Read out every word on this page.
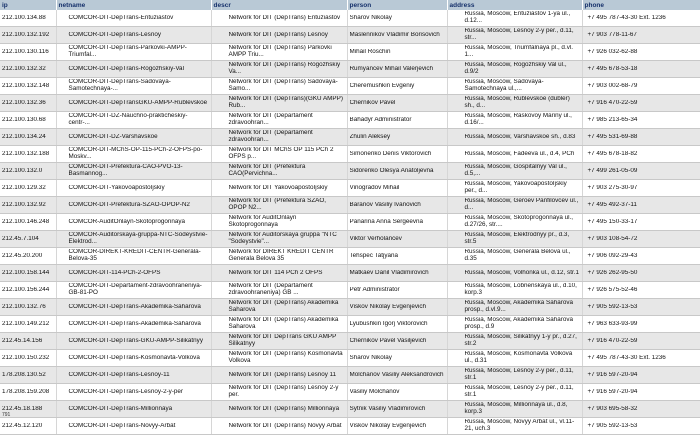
ip	netname	descr	person	address	phone

212.100.134.88	COMCOR-DIT-DepTrans-Entuziastov	Network for DIT (DepTrans) Entuziastov	Sharov Nikolay	Russia, Moscow, Entuziastov 1-ya ul., d.12...	+7 495 787-43-30 Ext. 1236

212.100.132.192	COMCOR-DIT-DepTrans-Lesnoy	Network for DIT (DepTrans) Lesnoy	Maslennikov Vladimir Borisovich	Russia, Moscow, Lesnoy 2-y per., d.11, str...	+7 903 778-11-67

212.100.130.116	COMCOR-DIT-DepTrans-Parkovki-AMPP-Triumfal...	Network for DIT (DepTrans) Parkovki AMPP Triu...	Mihail Roschin	Russia, Moscow, Triumfalnaya pl., d.vl. 1...	+7 926 032-62-88

212.100.132.32	COMCOR-DIT-DepTrans-Rogozhskiy-Val	Network for DIT (DepTrans) Rogozhskiy Va...	Rumyancev Mihail Valerjevich	Russia, Moscow, Rogozhskiy Val ul., d.9/2	+7 495 678-53-18

212.100.132.148	COMCOR-DIT-DepTrans-Sadovaya-Samotechnaya-...	Network for DIT (DepTrans) Sadovaya-Samo...	Cheremushkin Evgeniy	Russia, Moscow, Sadovaya-Samotechnaya ul.,...	+7 903 002-68-79

212.100.132.36	COMCOR-DIT-DepTransGKU-AMPP-Rublevskoe	Network for DIT (DepTrans)(GKU AMPP) Rub...	Chernikov Pavel	Russia, Moscow, Rublevskoe (dubler) sh., d...	+7 916 470-22-59

212.100.130.68	COMCOR-DIT-DZ-Nauchno-prakticheskiy-centr-...	Network for DIT (Departament zdravoohran...	Bahadyr Administrator	Russia, Moscow, Raskovoy Mariny ul., d.16/...	+7 985 213-65-34

212.100.134.24	COMCOR-DIT-DZ-Varshavskoe	Network for DIT (Departament zdravoohran...	Zhulin Aleksey	Russia, Moscow, Varshavskoe sh., d.83	+7 495 531-69-88

212.100.132.188	COMCOR-DIT-MChS-OP-115-PCh-2-OFPS-po-Moskv...	Network for DIT MChS OP 115 PCh 2 OFPS p...	Simonenko Denis Viktorovich	Russia, Moscow, Fadeeva ul., d.4, PCh	+7 495 678-18-82

212.100.132.0	COMCOR-DIT-Prefektura-CAO-PVO-13-Basmannog...	Network for DIT (Prefektura CAO(Pervichna...	Sidorenko Olesya Anatoljevna	Russia, Moscow, Gospitalnyy Val ul., d.5,...	+7 499 261-05-09

212.100.129.32	COMCOR-DIT-YakovoapostoIjskiy	Network for DIT YakovoapostoIjskiy	Vinogradov Mihail	Russia, Moscow, YakovoapostoIjskiy per., d...	+7 903 275-30-97

212.100.132.92	COMCOR-DIT-Prefektura-SZAO-OPOP-N2	Network for DIT (Prefektura SZAO, OPOP N2...	Baranov Vasiliy Ivanovich	Russia, Moscow, Geroev Panfilovcev ul., d...	+7 495 492-37-11

212.100.146.248	COMCOR-AuditOnlayn-Skotoprogonnaya	Network for AuditOnlayn Skotoprogonnaya	Panarina Anna Sergeevna	Russia, Moscow, Skotoprogonnaya ul., d.27/26, str....	+7 495 150-33-17

212.45.7.104	COMCOR-Auditorskaya-gruppa-NTC-Sodeystvie-Elektrod...	Network for Auditorskaya gruppa "NTC "Sodeystvie"...	Viktor Verholancev	Russia, Moscow, Elektrodnyy pr., d.3, str.5	+7 903 108-54-72

212.45.20.200	COMCOR-DIREKT-KREDIT-CENTR-Generala-Belova-35	Network for DIREKT KREDIT CENTR Generala Belova 35	Tehspec Tatjyana	Russia, Moscow, Generala Belova ul., d.35	+7 906 092-29-43

212.100.158.144	COMCOR-DIT-114-PCh-2-OFPS	Network for DIT 114 PCh 2 OFPS	Matkaev Danil Vladimirovich	Russia, Moscow, Volhonka ul., d.12, str.1	+7 926 262-95-50

212.100.156.244	COMCOR-DIT-Departament-zdravoohraneniya-GB-81-PO	Network for DIT (Departament zdravoohraneniya) GB ...	Petr Administrator	Russia, Moscow, Lobnenskaya ul., d.10, korp.3	+7 926 575-52-46

212.100.132.76	COMCOR-DIT-DepTrans-Akademika-Saharova	Network for DIT (DepTrans) Akademika Saharova	Viskov Nikolay Evgenjevich	Russia, Moscow, Akademika Saharova prosp., d.vl.9...	+7 905 592-13-53

212.100.149.212	COMCOR-DIT-DepTrans-Akademika-Saharova	Network for DIT (DepTrans) Akademika Saharova	Lyubushkin Igorj Viktorovich	Russia, Moscow, Akademika Saharova prosp., d.9	+7 963 633-93-99

212.45.14.156	COMCOR-DIT-DepTrans-GKU-AMPP-Silikatnyy	Network for DIT DepTrans GKU AMPP Silikatnyy	Chernikov Pavel Vasiljevich	Russia, Moscow, Silikatnyy 1-y pr., d.27, str.2	+7 916 470-22-59

212.100.150.232	COMCOR-DIT-DepTrans-Kosmonavta-Volkova	Network for DIT (DepTrans) Kosmonavta Volkova	Sharov Nikolay	Russia, Moscow, Kosmonavta Volkova ul., d.31	+7 495 787-43-30 Ext. 1236

178.208.130.52	COMCOR-DIT-DepTrans-Lesnoy-11	Network for DIT (DepTrans) Lesnoy 11	Molchanov Vasiliy Aleksandrovich	Russia, Moscow, Lesnoy 2-y per., d.11, str.1	+7 916 597-20-94

178.208.159.208	COMCOR-DIT-DepTrans-Lesnoy-2-y-per	Network for DIT (DepTrans) Lesnoy 2-y per.	Vasiliy Molchanov	Russia, Moscow, Lesnoy 2-y per., d.11, str.1	+7 916 597-20-94

212.45.18.188	COMCOR-DIT-DepTrans-Millionnaya	Network for DIT (DepTrans) Millionnaya	Sytnik Vasiliy Vladimirovich	Russia, Moscow, Millionnaya ul., d.8, korp.3	+7 903 695-58-32

212.45.12.120	COMCOR-DIT-DepTrans-Novyy-Arbat	Network for DIT (DepTrans) Novyy Arbat	Viskov Nikolay Evgenjevich	Russia, Moscow, Novyy Arbat ul., vl.11-21, uch.3	+7 905 592-13-53
791
